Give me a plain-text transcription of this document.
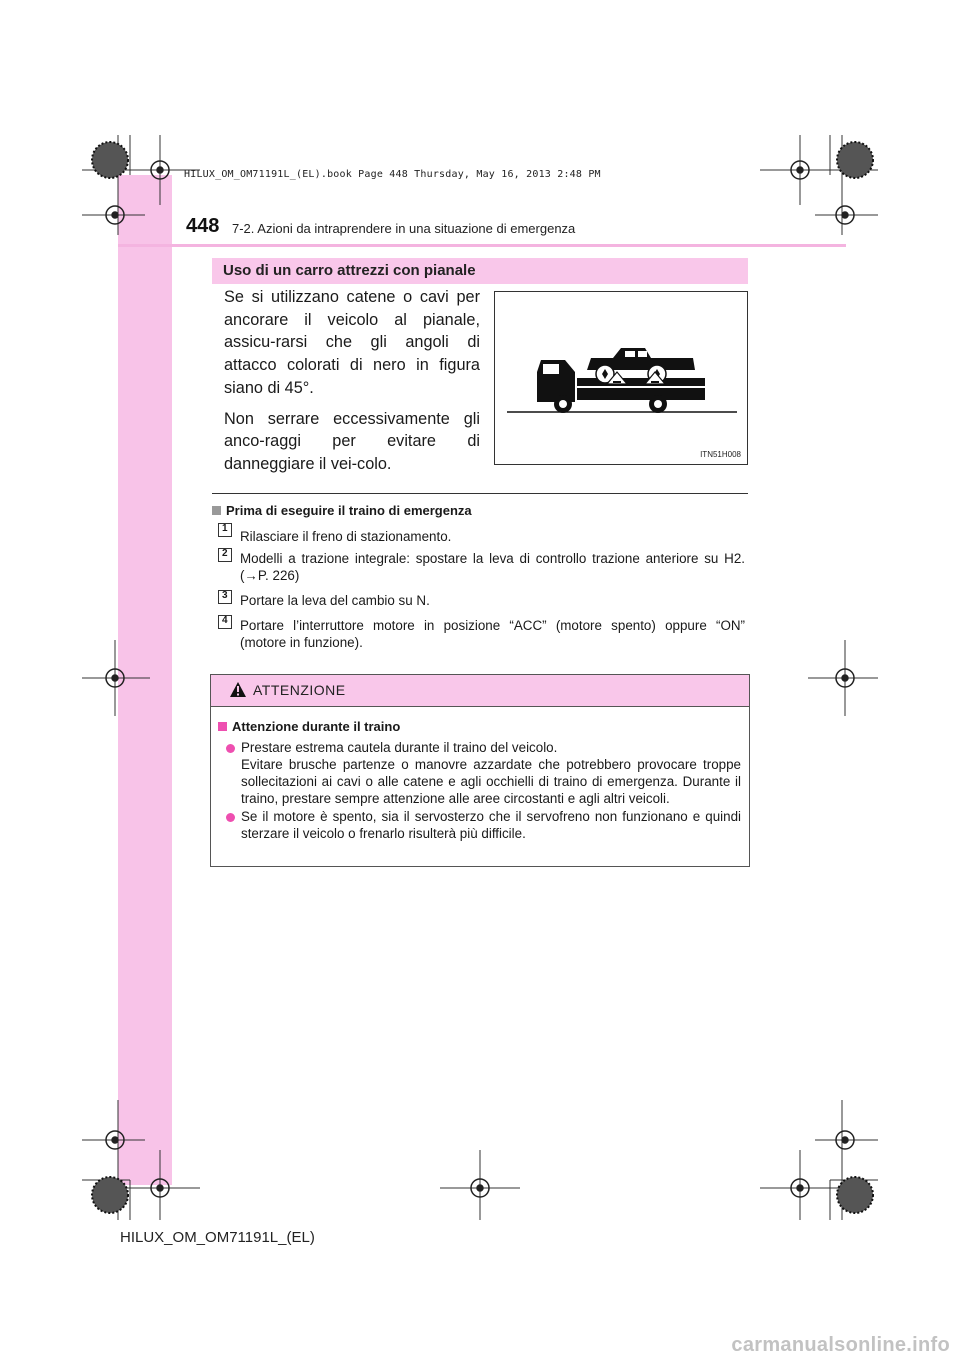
HILUX_OM_OM71191L_(EL).book Page 448 Thursday, May 16, 2013 2:48 PM
448 7-2. Azioni da intraprendere in una situazione di emergenza
Uso di un carro attrezzi con pianale

Se si utilizzano catene o cavi per ancorare il veicolo al pianale, assicu-rarsi che gli angoli di attacco colorati di nero in figura siano di 45°.

Non serrare eccessivamente gli anco-raggi per evitare di danneggiare il vei-colo.

ITN51H008
Prima di eseguire il traino di emergenza
1
Rilasciare il freno di stazionamento.
2 Modelli a trazione integrale: spostare la leva di controllo trazione anteriore su H2. (→P. 226)
3 Portare la leva del cambio su N.
4 Portare l’interruttore motore in posizione “ACC” (motore spento) oppure “ON” (motore in funzione).
ATTENZIONE
Attenzione durante il traino
Prestare estrema cautela durante il traino del veicolo.
Evitare brusche partenze o manovre azzardate che potrebbero provocare troppe sollecitazioni ai cavi o alle catene e agli occhielli di traino di emergenza. Durante il traino, prestare sempre attenzione alle aree circostanti e agli altri veicoli.
Se il motore è spento, sia il servosterzo che il servofreno non funzionano e quindi sterzare il veicolo o frenarlo risulterà più difficile.
HILUX_OM_OM71191L_(EL)
carmanualsonline.info
